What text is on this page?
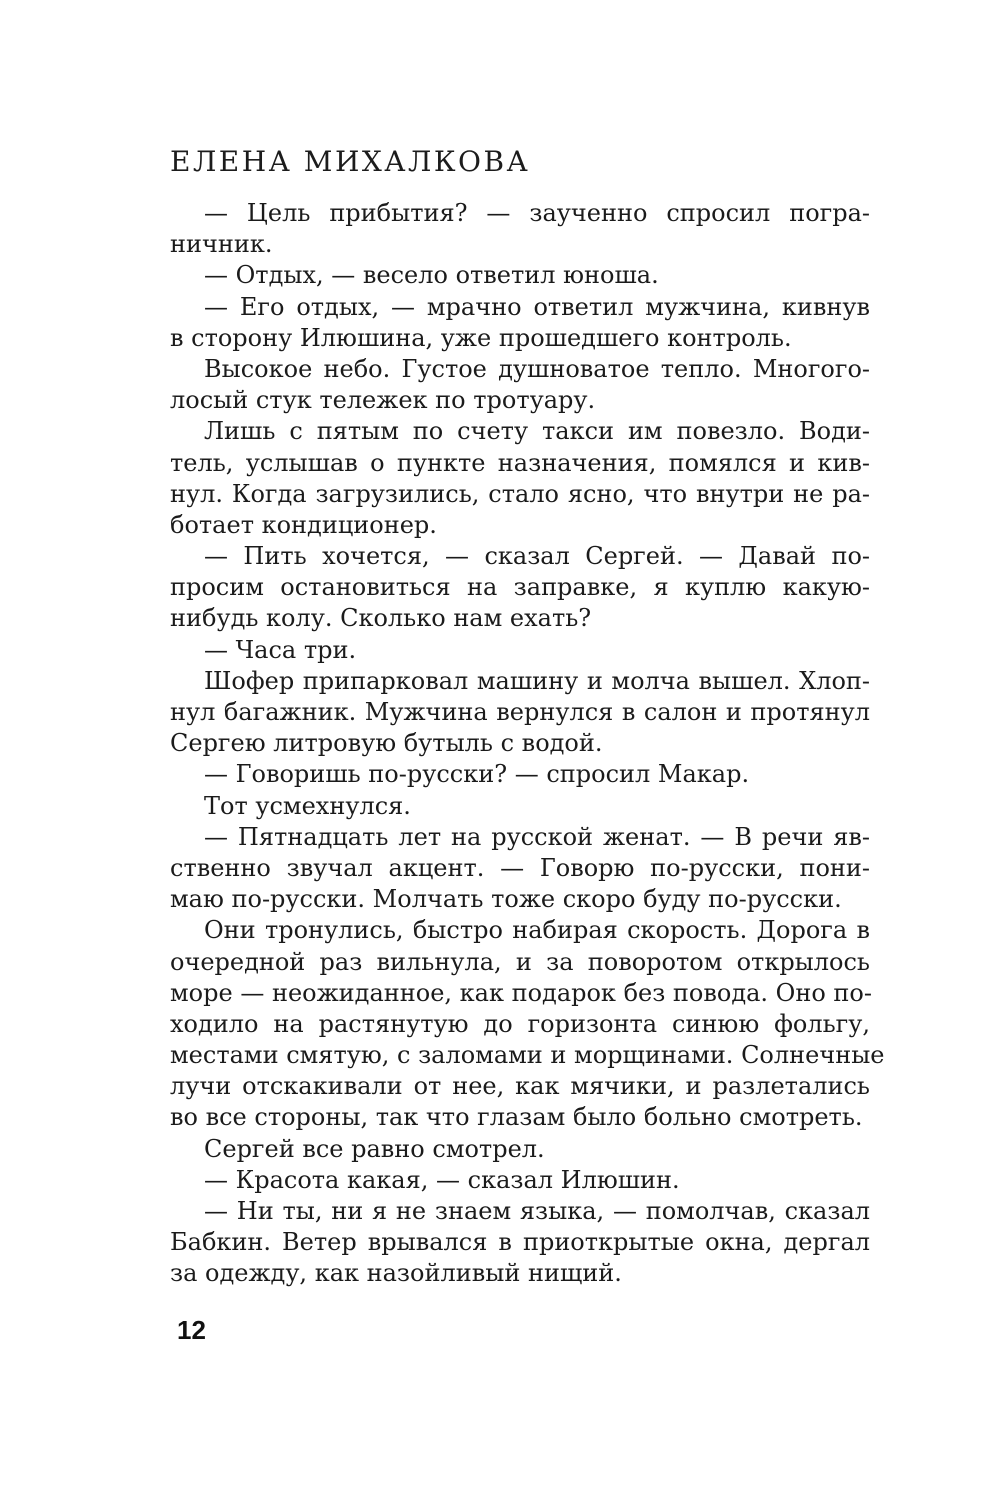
ЕЛЕНА МИХАЛКОВА
— Цель прибытия? — заученно спросил погра-
ничник.
— Отдых, — весело ответил юноша.
— Его отдых, — мрачно ответил мужчина, кивнув
в сторону Илюшина, уже прошедшего контроль.
Высокое небо. Густое душноватое тепло. Многого-
лосый стук тележек по тротуару.
Лишь с пятым по счету такси им повезло. Води-
тель, услышав о пункте назначения, помялся и кив-
нул. Когда загрузились, стало ясно, что внутри не ра-
ботает кондиционер.
— Пить хочется, — сказал Сергей. — Давай по-
просим остановиться на заправке, я куплю какую-
нибудь колу. Сколько нам ехать?
— Часа три.
Шофер припарковал машину и молча вышел. Хлоп-
нул багажник. Мужчина вернулся в салон и протянул
Сергею литровую бутыль с водой.
— Говоришь по-русски? — спросил Макар.
Тот усмехнулся.
— Пятнадцать лет на русской женат. — В речи яв-
ственно звучал акцент. — Говорю по-русски, пони-
маю по-русски. Молчать тоже скоро буду по-русски.
Они тронулись, быстро набирая скорость. Дорога в
очередной раз вильнула, и за поворотом открылось
море — неожиданное, как подарок без повода. Оно по-
ходило на растянутую до горизонта синюю фольгу,
местами смятую, с заломами и морщинами. Солнечные
лучи отскакивали от нее, как мячики, и разлетались
во все стороны, так что глазам было больно смотреть.
Сергей все равно смотрел.
— Красота какая, — сказал Илюшин.
— Ни ты, ни я не знаем языка, — помолчав, сказал
Бабкин. Ветер врывался в приоткрытые окна, дергал
за одежду, как назойливый нищий.
12
